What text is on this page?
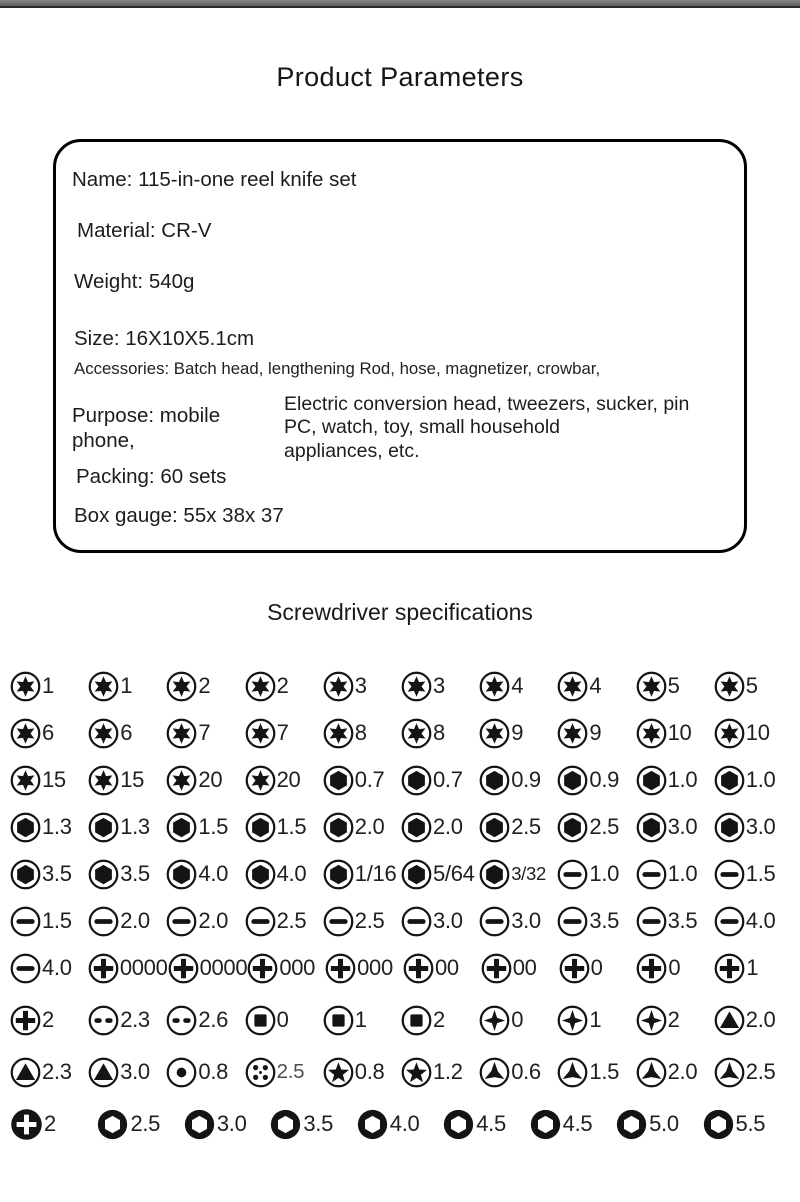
Product Parameters

Name: 115-in-one reel knife set

Material: CR-V

Weight: 540g

Size: 16X10X5.1cm

Accessories: Batch head, lengthening Rod, hose, magnetizer, crowbar,

Purpose: mobile phone,
Electric conversion head, tweezers, sucker, pin
PC, watch, toy, small household
appliances, etc.

Packing: 60 sets

Box gauge: 55x 38x 37

Screwdriver specifications
1	1	2	2	3	3	4	4	5	5
6	6	7	7	8	8	9	9	10 10
15 15 20 20 0.7 0.7 0.9 0.9 1.0 1.0
1.3 1.3 1.5 1.5 2.0 2.0 2.5 2.5 3.0 3.0
3.5 3.5 4.0 4.0 1/16 5/64 3/32 1.0 1.0 1.5
1.5 2.0 2.0 2.5 2.5 3.0 3.0 3.5 3.5 4.0
4.0 0000 0000 000 000 00 00 0	0	1
2	2.3 2.6 0	1	2	0	1	2	2.0
2.3 3.0 0.8 2.5 0.8 1.2 0.6 1.5 2.0 2.5
2	2.5	3.0	3.5	4.0	4.5	4.5	5.0	5.5
